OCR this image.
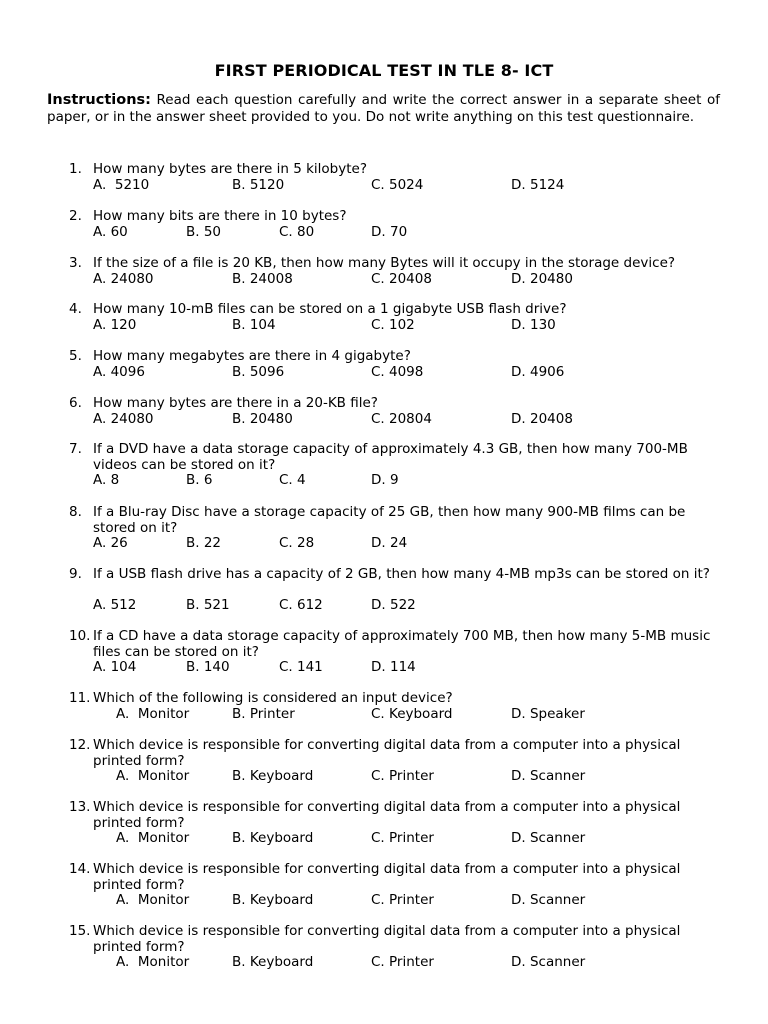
FIRST PERIODICAL TEST IN TLE 8- ICT
Instructions: Read each question carefully and write the correct answer in a separate sheet of paper, or in the answer sheet provided to you. Do not write anything on this test questionnaire.
1. How many bytes are there in 5 kilobyte?
A.  5210	B. 5120	C. 5024	D. 5124
2. How many bits are there in 10 bytes?
A. 60	B. 50	C. 80	D. 70
3. If the size of a file is 20 KB, then how many Bytes will it occupy in the storage device?
A. 24080	B. 24008	C. 20408	D. 20480
4. How many 10-mB files can be stored on a 1 gigabyte USB flash drive?
A. 120	B. 104	C. 102	D. 130
5. How many megabytes are there in 4 gigabyte?
A. 4096	B. 5096	C. 4098	D. 4906
6. How many bytes are there in a 20-KB file?
A. 24080	B. 20480	C. 20804	D. 20408
7. If a DVD have a data storage capacity of approximately 4.3 GB, then how many 700-MB videos can be stored on it?
A. 8	B. 6	C. 4	D. 9
8. If a Blu-ray Disc have a storage capacity of 25 GB, then how many 900-MB films can be stored on it?
A. 26	B. 22	C. 28	D. 24
9. If a USB flash drive has a capacity of 2 GB, then how many 4-MB mp3s can be stored on it?
A. 512	B. 521	C. 612	D. 522
10. If a CD have a data storage capacity of approximately 700 MB, then how many 5-MB music files can be stored on it?
A. 104	B. 140	C. 141	D. 114
11. Which of the following is considered an input device?
A.  Monitor	B. Printer	C. Keyboard	D. Speaker
12. Which device is responsible for converting digital data from a computer into a physical printed form?
A.  Monitor	B. Keyboard	C. Printer	D. Scanner
13. Which device is responsible for converting digital data from a computer into a physical printed form?
A.  Monitor	B. Keyboard	C. Printer	D. Scanner
14. Which device is responsible for converting digital data from a computer into a physical printed form?
A.  Monitor	B. Keyboard	C. Printer	D. Scanner
15. Which device is responsible for converting digital data from a computer into a physical printed form?
A.  Monitor	B. Keyboard	C. Printer	D. Scanner
